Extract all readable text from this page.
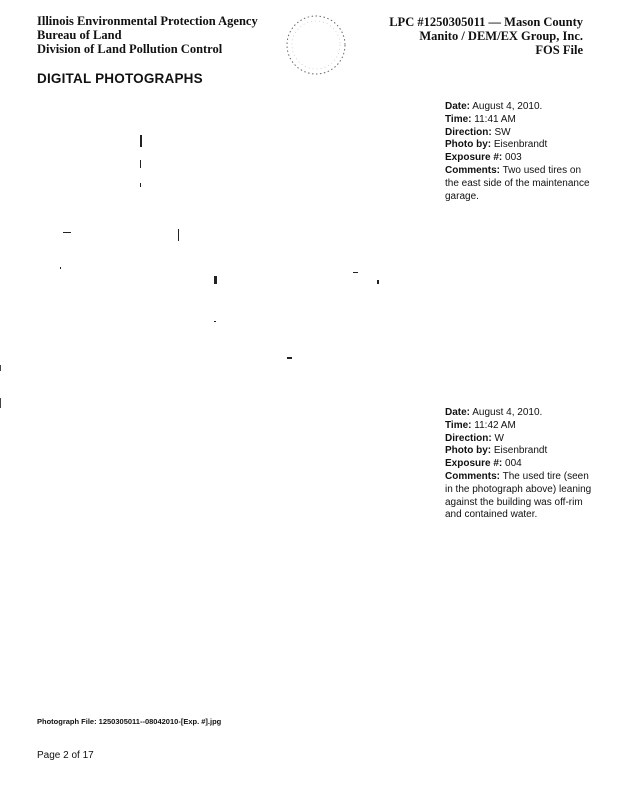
Illinois Environmental Protection Agency
Bureau of Land
Division of Land Pollution Control
LPC #1250305011 — Mason County
Manito / DEM/EX Group, Inc.
FOS File
DIGITAL PHOTOGRAPHS
Date: August 4, 2010.
Time: 11:41 AM
Direction: SW
Photo by: Eisenbrandt
Exposure #: 003
Comments: Two used tires on the east side of the maintenance garage.
Date: August 4, 2010.
Time: 11:42 AM
Direction: W
Photo by: Eisenbrandt
Exposure #: 004
Comments: The used tire (seen in the photograph above) leaning against the building was off-rim and contained water.
Photograph File: 1250305011--08042010-[Exp. #].jpg
Page 2 of 17
